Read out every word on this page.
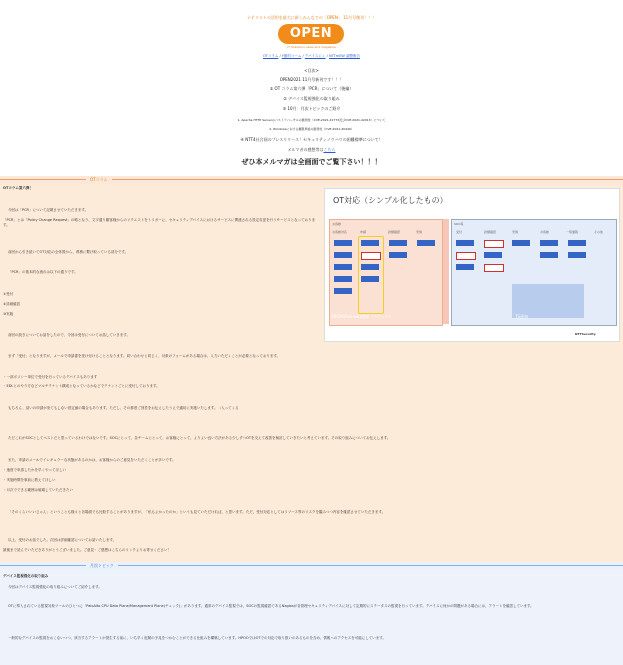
ナテリストの活用を最大に新しみんなでの「OPEN」 11月号創刊！！！
OPEN
- IT Solutions news and magazine -
OTコラム / Y節的コーム / デバイスにく / NTTmEW 調整報告
<目次>
OPEN2021 11月号新刊です！！！
① OT コラム第六弾「PCR」について（後編）
② デバイス監視強化の取り組み
③ 10月：月次トピックのご紹介
1. Apache HTTP Serverのパストラバーサルの脆弱性（CVE-2021-41773及びCVE-2021-42013）について
2. Windowsにおける権限昇格の脆弱性（CVE-2021-40449）
④ NTT4社合同のプレスリリース！セキュリティノウハウの困難標準について！
メルマガの感想等はこちら
ぜひ本メルマガは全画面でご覧下さい！！！
OTコラム
OTコラム第六弾！
今回は「PCR」について記載させていただきます。
「PCR」とは「Policy Change Request」の略となり、文字通り顧客様からのリクエストをトリガーに、セキュリティデバイスにおけるサービスに関連される設定変更を行うサービスとなっております。
前回から引き続いてOT対応の全体図から、責務に繋げ取っている部分です。
「PCR」の基本的な流れは以下の通りです。
①受付
②詳細確認
③実施
前回の続きについてお話をしたので、今回は受付についてお話していきます。
まず「受付」となりますが、メールで申請書を受け付けることとなります。同い合わせと同じく、対象のフォームがある場合は、入力いただくことが必要となっております。
・一部ポリシー単位で受付を行っているデバイスもあります
・EDLとのやり方などマルチテナント構成となっているかなどでテナントごとに受付しております。
もちろん、話いの申請が来てもしない設定値の場合もあります。ただし、その都度ご回答をお伝えしたうえで適切に実施いたします。（入ってくる
ただこれがSOCとしてベストだと思っているわけではないです。SOCにとって、各チームにとって、お客様にとって、よりよい良い方法がある少しずつOTを交えて改善を検討していきたいと考えています。その取り組みについてお伝えします。
また、申請のメールでイレギュラーな状態があるのかは、お客様からのご意見をいただくことが多いです。
・速度で申請したかを早くやってほしい
・実施時間を事前に教えてほしい
・月次でできる範囲は破壊していただきたい
「そのくらいいいじゃん」ということも様々と各場面でも比較することがありますが、「私もよかったのか」というも見ていただければ、と思います。ただ、受付対応としてはリソース等のリスクを鑑みつつ内容を確認させていただきます。
以上、受付のお話でした。次回は詳細確認についてお話いたします。
最後まで読んでいただきありがとうございました。ご意見・ご感想はこちらのリンクよりお寄せください！
OT対応（シンプル化したもの）
お客様
お客様対応	申請	詳細確認	実施
SOC等
受付	詳細確認	実施	お客様	一般通報	その他
SNOW(Ask-ow)通知（チケット）	TS通知
NTTSecurity
月次トピック
デバイス監視強化の取り組み
今回はデバイス監視強化の取り組みについてご紹介します。
OTに導入されている監視対象ツールのひとつに「PaloAlto CPU Data Plane/Management Plane(チェック)」があります。通常のデバイス監視では、SOCの監視確認であるNagiosが各管理セキュリティデバイスに対して定期的にステータスの監視を行っています。デバイスに何かの問題がある場合には、アラートを確認しています。
一般的なデバイスの監視をおこないつつ、該当するアラートが発生する前に、いち早く危険の予兆をつかむことができる仕組みを構築しています。HPOOではOTでの対応で取り扱いのあるものを含め、情報へのアクセスを可能にしています。
